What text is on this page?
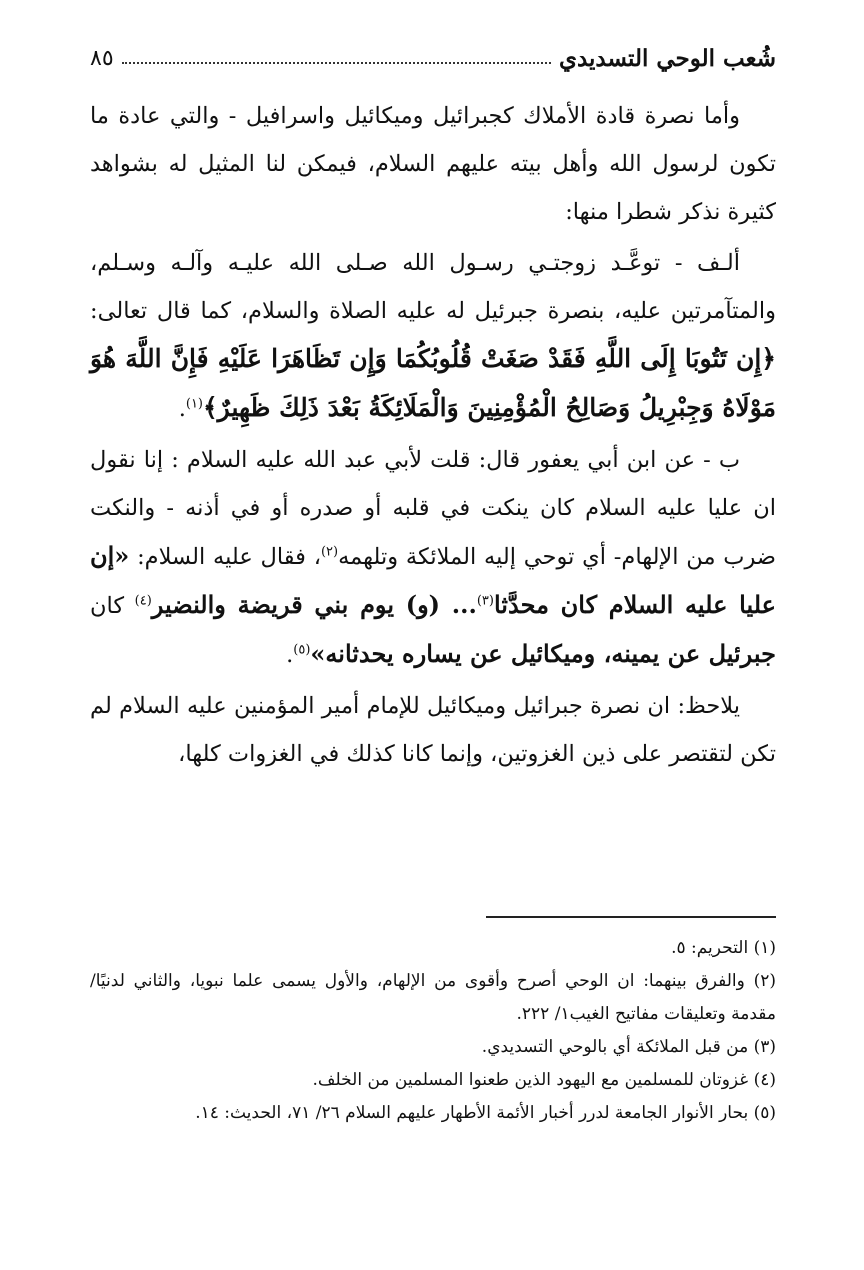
شُعب الوحي التسديدي
٨٥

وأما نصرة قادة الأملاك كجبرائيل وميكائيل واسرافيل - والتي عادة ما تكون لرسول الله وأهل بيته عليهم السلام، فيمكن لنا المثيل له بشواهد كثيرة نذكر شطرا منها:

ألـف - توعَّـد زوجتـي رسـول الله صـلى الله عليـه وآلـه وسـلم، والمتآمرتين عليه، بنصرة جبرئيل له عليه الصلاة والسلام، كما قال تعالى: ﴿إِن تَتُوبَا إِلَى اللَّهِ فَقَدْ صَغَتْ قُلُوبُكُمَا وَإِن تَظَاهَرَا عَلَيْهِ فَإِنَّ اللَّهَ هُوَ مَوْلَاهُ وَجِبْرِيلُ وَصَالِحُ الْمُؤْمِنِينَ وَالْمَلَائِكَةُ بَعْدَ ذَلِكَ ظَهِيرٌ﴾$^{(١)}$.

ب - عن ابن أبي يعفور قال: قلت لأبي عبد الله عليه السلام : إنا نقول ان عليا عليه السلام كان ينكت في قلبه أو صدره أو في أذنه - والنكت ضرب من الإلهام- أي توحي إليه الملائكة وتلهمه$^{(٢)}$، فقال عليه السلام: «إن عليا عليه السلام كان محدَّثا$^{(٣)}$... (و) يوم بني قريضة والنضير$^{(٤)}$ كان جبرئيل عن يمينه، وميكائيل عن يساره يحدثانه»$^{(٥)}$.

يلاحظ: ان نصرة جبرائيل وميكائيل للإمام أمير المؤمنين عليه السلام لم تكن لتقتصر على ذين الغزوتين، وإنما كانا كذلك في الغزوات كلها،

(١) التحريم: ٥.

(٢) والفرق بينهما: ان الوحي أصرح وأقوى من الإلهام، والأول يسمى علما نبويا، والثاني لدنيًا/ مقدمة وتعليقات مفاتيح الغيب١/ ٢٢٢.

(٣) من قبل الملائكة أي بالوحي التسديدي.

(٤) غزوتان للمسلمين مع اليهود الذين طعنوا المسلمين من الخلف.

(٥) بحار الأنوار الجامعة لدرر أخبار الأئمة الأطهار عليهم السلام ٢٦/ ٧١، الحديث: ١٤.
